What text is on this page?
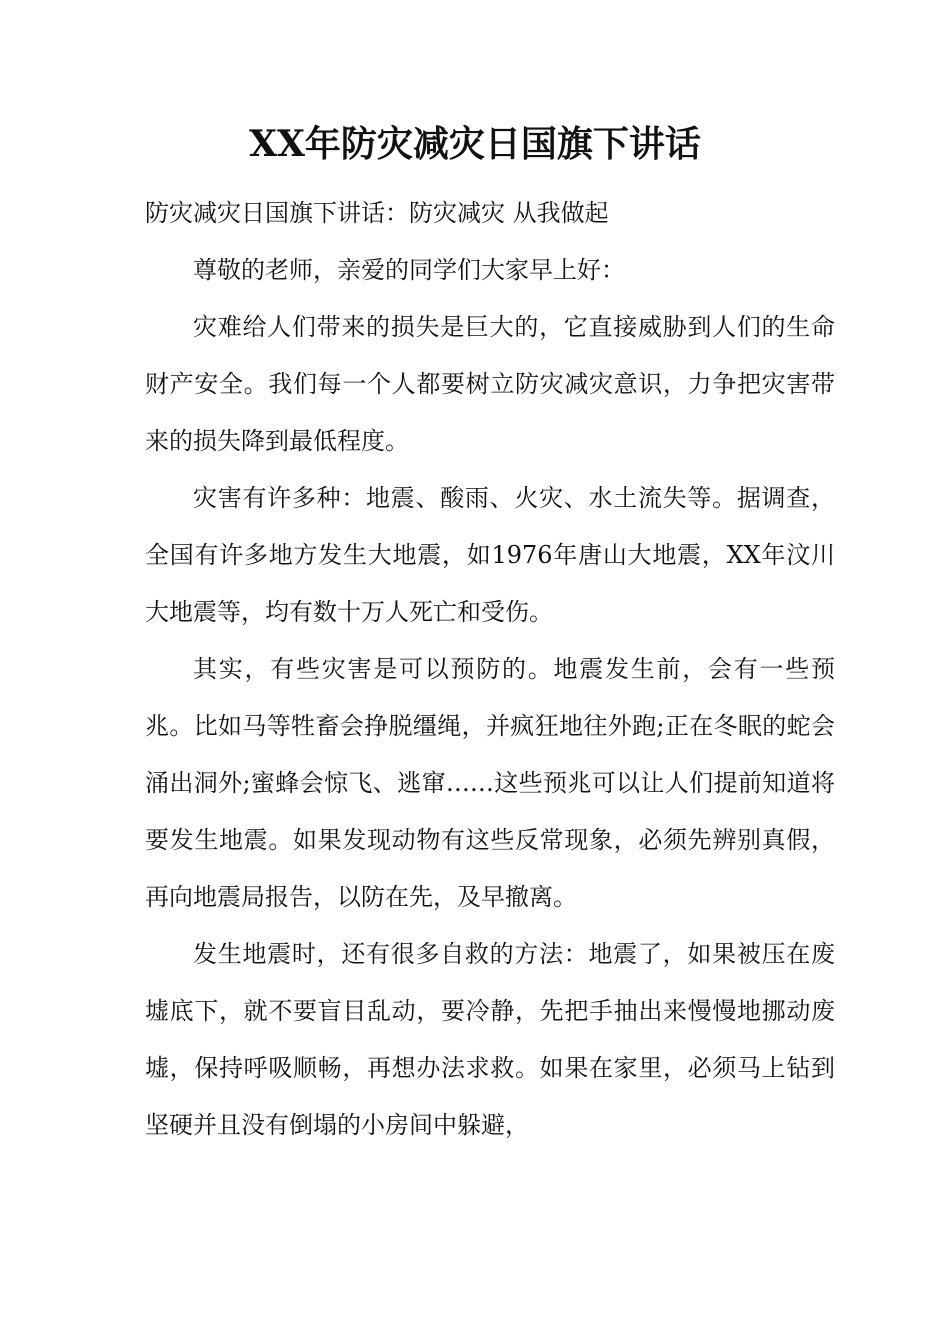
XX年防灾减灾日国旗下讲话

防灾减灾日国旗下讲话：防灾减灾 从我做起

尊敬的老师，亲爱的同学们大家早上好：

灾难给人们带来的损失是巨大的，它直接威胁到人们的生命财产安全。我们每一个人都要树立防灾减灾意识，力争把灾害带来的损失降到最低程度。

灾害有许多种：地震、酸雨、火灾、水土流失等。据调查，全国有许多地方发生大地震，如1976年唐山大地震，XX年汶川大地震等，均有数十万人死亡和受伤。

其实，有些灾害是可以预防的。地震发生前，会有一些预兆。比如马等牲畜会挣脱缰绳，并疯狂地往外跑;正在冬眠的蛇会涌出洞外;蜜蜂会惊飞、逃窜……这些预兆可以让人们提前知道将要发生地震。如果发现动物有这些反常现象，必须先辨别真假，再向地震局报告，以防在先，及早撤离。

发生地震时，还有很多自救的方法：地震了，如果被压在废墟底下，就不要盲目乱动，要冷静，先把手抽出来慢慢地挪动废墟，保持呼吸顺畅，再想办法求救。如果在家里，必须马上钻到坚硬并且没有倒塌的小房间中躲避，
